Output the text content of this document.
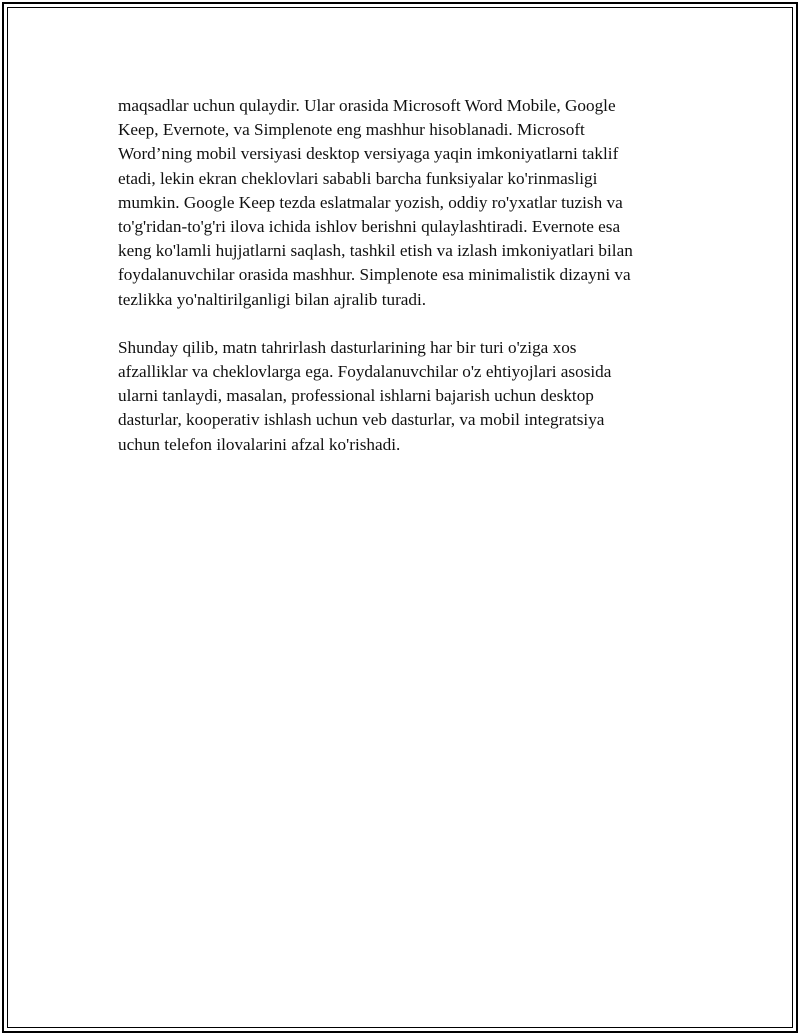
maqsadlar uchun qulaydir. Ular orasida Microsoft Word Mobile, Google
Keep, Evernote, va Simplenote eng mashhur hisoblanadi. Microsoft
Word’ning mobil versiyasi desktop versiyaga yaqin imkoniyatlarni taklif
etadi, lekin ekran cheklovlari sababli barcha funksiyalar ko'rinmasligi
mumkin. Google Keep tezda eslatmalar yozish, oddiy ro'yxatlar tuzish va
to'g'ridan-to'g'ri ilova ichida ishlov berishni qulaylashtiradi. Evernote esa
keng ko'lamli hujjatlarni saqlash, tashkil etish va izlash imkoniyatlari bilan
foydalanuvchilar orasida mashhur. Simplenote esa minimalistik dizayni va
tezlikka yo'naltirilganligi bilan ajralib turadi.

Shunday qilib, matn tahrirlash dasturlarining har bir turi o'ziga xos
afzalliklar va cheklovlarga ega. Foydalanuvchilar o'z ehtiyojlari asosida
ularni tanlaydi, masalan, professional ishlarni bajarish uchun desktop
dasturlar, kooperativ ishlash uchun veb dasturlar, va mobil integratsiya
uchun telefon ilovalarini afzal ko'rishadi.
